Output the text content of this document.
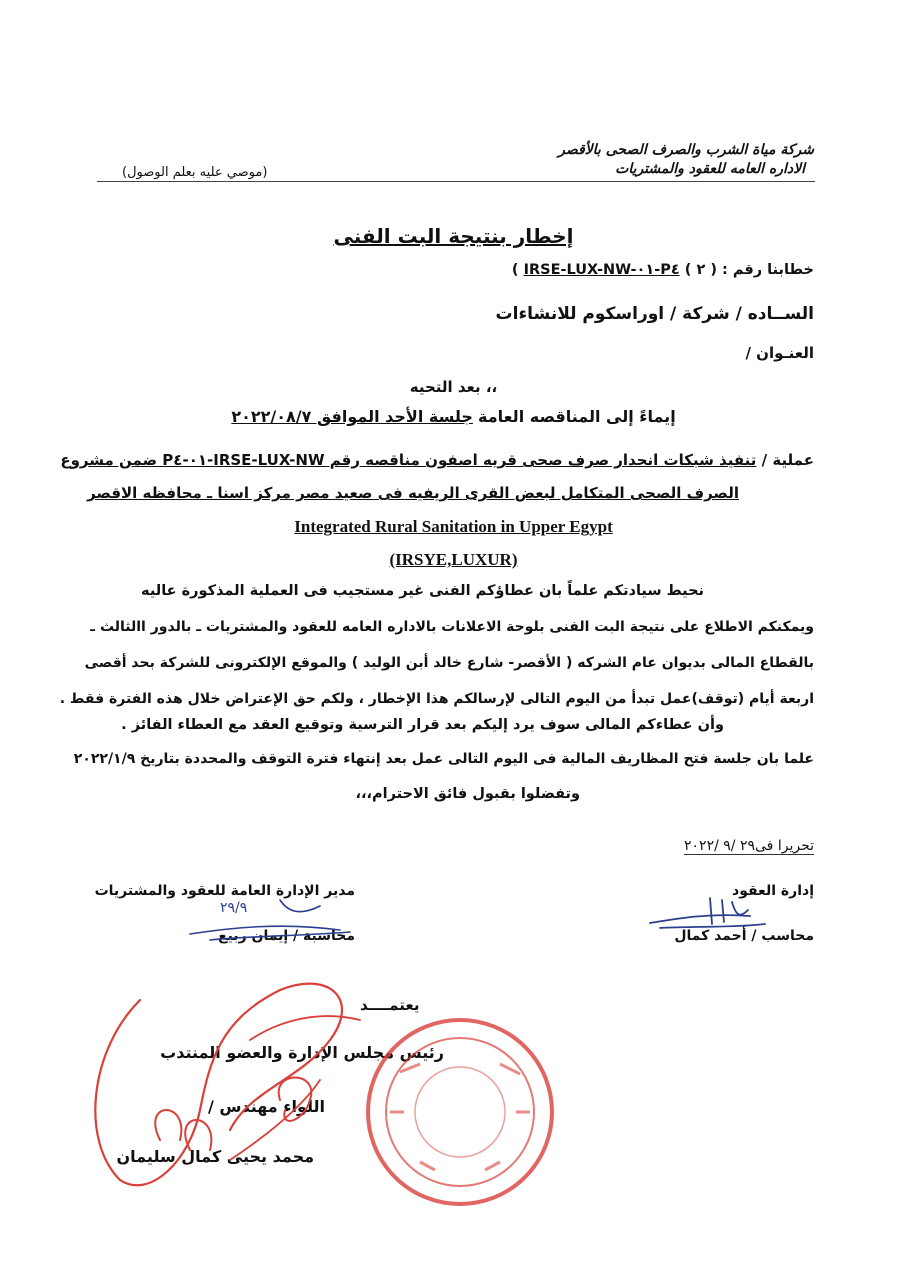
شركة مياة الشرب والصرف الصحى بالأقصر
الاداره العامه للعقود والمشتريات
(موصي عليه بعلم الوصول)
إخطار بنتيجة البت الفنى
خطابنا رقم : ( ٢ ) IRSE-LUX-NW-٠١-P٤ )
الســاده / شركة / اوراسكوم للانشاءات
العنـوان /
بعد التحيه ،،
إيماءً إلى المناقصه العامة جلسة الأحد الموافق ٢٠٢٢/٠٨/٧
عملية / تنفيذ شبكات انحدار صرف صحى قريه اصفون مناقصه رقم IRSE-LUX-NW-٠١-P٤ ضمن مشروع
الصرف الصحى المتكامل لبعض القرى الريفيه فى صعيد مصر مركز اسنا ـ محافظه الاقصر
Integrated Rural Sanitation in Upper Egypt
(IRSYE,LUXUR)
نحيط سيادتكم علماً بان عطاؤكم الفنى غير مستجيب فى العملية المذكورة عاليه
ويمكنكم الاطلاع على نتيجة البت الفنى بلوحة الاعلانات بالاداره العامه للعقود والمشتريات ـ بالدور االثالث ـ
بالقطاع المالى بديوان عام الشركه ( الأقصر- شارع خالد أبن الوليد ) والموقع الإلكترونى للشركة بحد أقصى
اربعة أيام (توقف)عمل تبدأ من اليوم التالى لإرسالكم هذا الإخطار ، ولكم حق الإعتراض خلال هذه الفترة فقط .
وأن عطاءكم المالى سوف يرد إليكم بعد قرار الترسية وتوقيع العقد مع العطاء الفائز .
علما بان جلسة فتح المظاريف المالية فى اليوم التالى عمل بعد إنتهاء فترة التوقف والمحددة بتاريخ ٢٠٢٢/١/٩
وتفضلوا بقبول فائق الاحترام،،،
تحريرا فى٢٩ /٩ /٢٠٢٢
إدارة العقود
محاسب / أحمد كمال
مدير الإدارة العامة للعقود والمشتريات
محاسبة / إيمان ربيع
٢٩/٩
يعتمــــد
رئيس مجلس الإدارة والعضو المنتدب
اللواء مهندس /
محمد يحيى كمال سليمان
